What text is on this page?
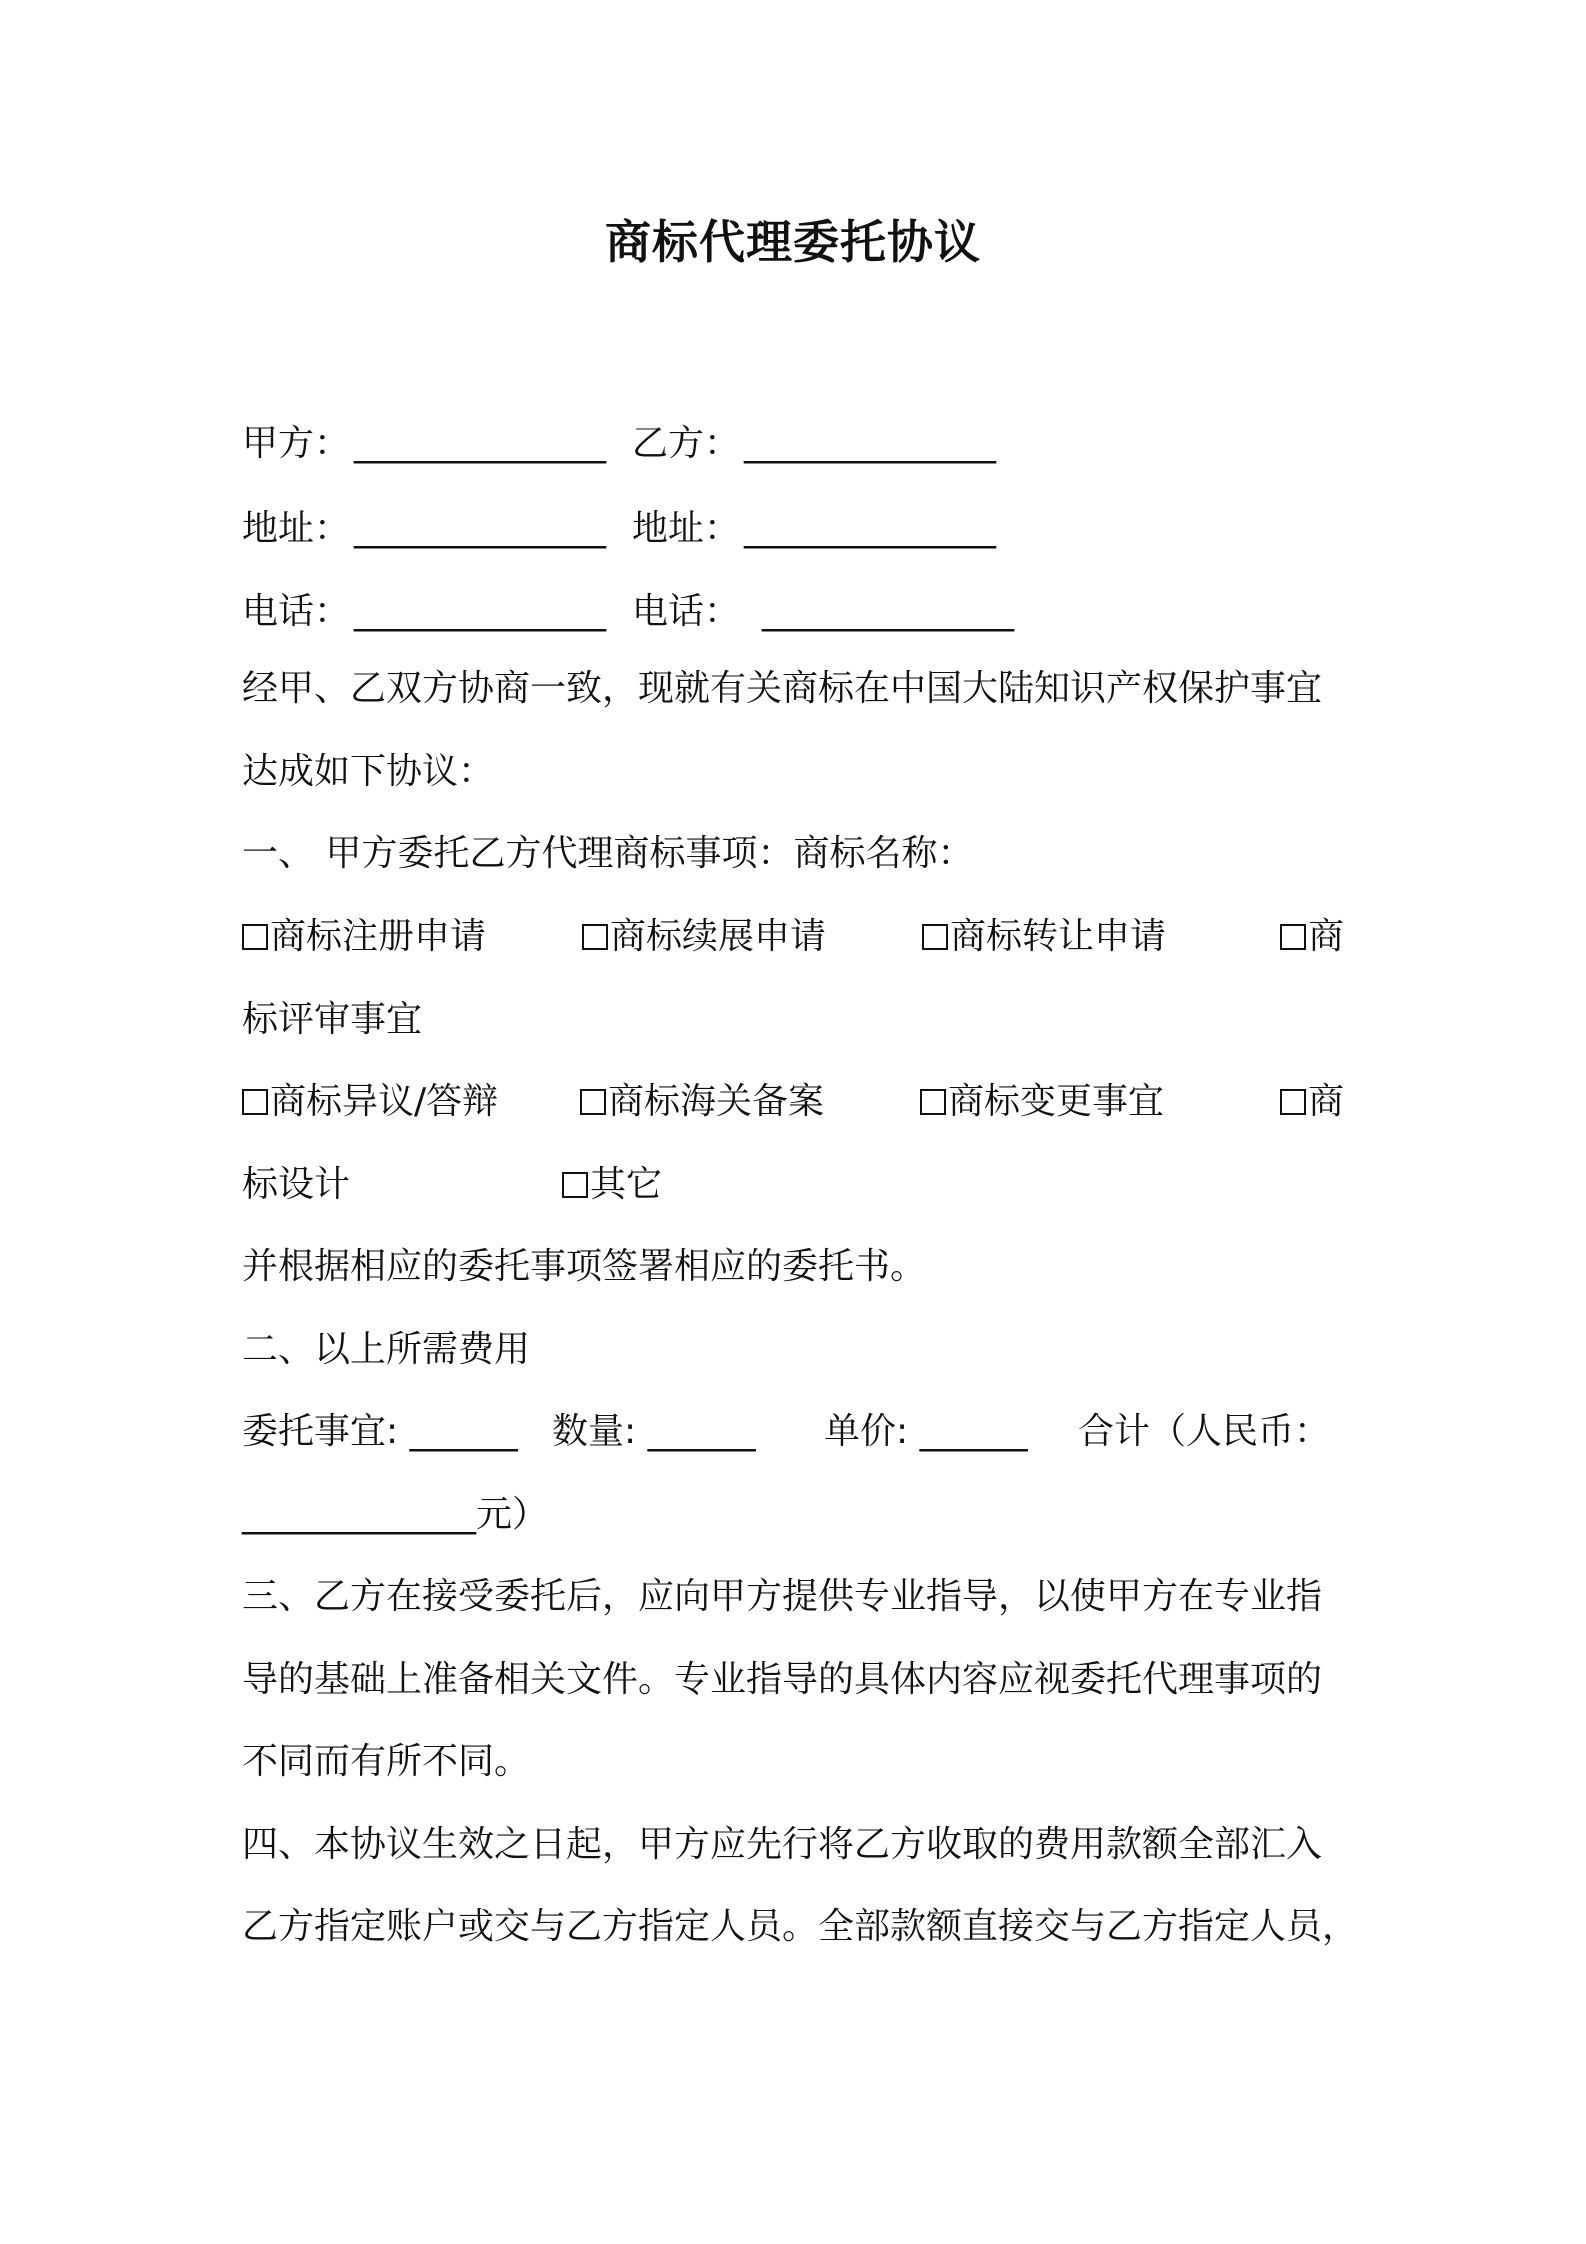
商标代理委托协议
甲方： ______________ 乙方： ______________
地址： ______________ 地址： ______________
电话： ______________ 电话： ______________
经甲、乙双方协商一致，现就有关商标在中国大陆知识产权保护事宜
达成如下协议：
一、 甲方委托乙方代理商标事项：商标名称：
商标注册申请	商标续展申请	商标转让申请	商
标评审事宜
商标异议/答辩	商标海关备案	商标变更事宜	商
标设计	其它
并根据相应的委托事项签署相应的委托书。
二、以上所需费用
委托事宜: ______ 数量: ______ 单价: ______ 合计（人民币：
_____________元）
三、乙方在接受委托后，应向甲方提供专业指导，以使甲方在专业指
导的基础上准备相关文件。专业指导的具体内容应视委托代理事项的
不同而有所不同。
四、本协议生效之日起，甲方应先行将乙方收取的费用款额全部汇入
乙方指定账户或交与乙方指定人员。全部款额直接交与乙方指定人员，
